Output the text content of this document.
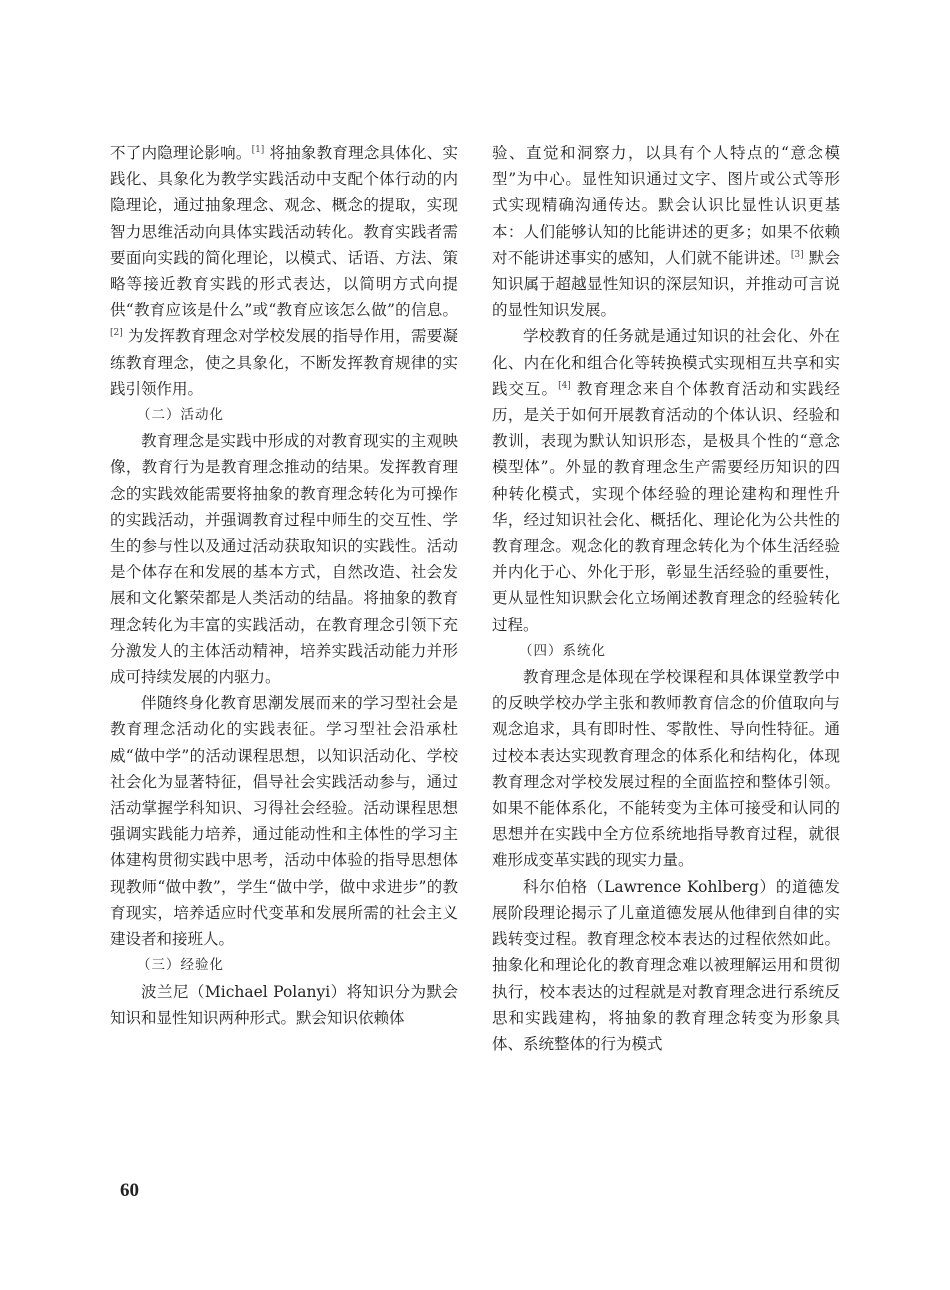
不了内隐理论影响。[1] 将抽象教育理念具体化、实践化、具象化为教学实践活动中支配个体行动的内隐理论，通过抽象理念、观念、概念的提取，实现智力思维活动向具体实践活动转化。教育实践者需要面向实践的简化理论，以模式、话语、方法、策略等接近教育实践的形式表达，以简明方式向提供“教育应该是什么”或“教育应该怎么做”的信息。[2] 为发挥教育理念对学校发展的指导作用，需要凝练教育理念，使之具象化，不断发挥教育规律的实践引领作用。

（二）活动化

教育理念是实践中形成的对教育现实的主观映像，教育行为是教育理念推动的结果。发挥教育理念的实践效能需要将抽象的教育理念转化为可操作的实践活动，并强调教育过程中师生的交互性、学生的参与性以及通过活动获取知识的实践性。活动是个体存在和发展的基本方式，自然改造、社会发展和文化繁荣都是人类活动的结晶。将抽象的教育理念转化为丰富的实践活动，在教育理念引领下充分激发人的主体活动精神，培养实践活动能力并形成可持续发展的内驱力。

伴随终身化教育思潮发展而来的学习型社会是教育理念活动化的实践表征。学习型社会沿承杜威“做中学”的活动课程思想，以知识活动化、学校社会化为显著特征，倡导社会实践活动参与，通过活动掌握学科知识、习得社会经验。活动课程思想强调实践能力培养，通过能动性和主体性的学习主体建构贯彻实践中思考，活动中体验的指导思想体现教师“做中教”，学生“做中学，做中求进步”的教育现实，培养适应时代变革和发展所需的社会主义建设者和接班人。

（三）经验化

波兰尼（Michael Polanyi）将知识分为默会知识和显性知识两种形式。默会知识依赖体

验、直觉和洞察力，以具有个人特点的“意念模型”为中心。显性知识通过文字、图片或公式等形式实现精确沟通传达。默会认识比显性认识更基本：人们能够认知的比能讲述的更多；如果不依赖对不能讲述事实的感知，人们就不能讲述。[3] 默会知识属于超越显性知识的深层知识，并推动可言说的显性知识发展。

学校教育的任务就是通过知识的社会化、外在化、内在化和组合化等转换模式实现相互共享和实践交互。[4] 教育理念来自个体教育活动和实践经历，是关于如何开展教育活动的个体认识、经验和教训，表现为默认知识形态，是极具个性的“意念模型体”。外显的教育理念生产需要经历知识的四种转化模式，实现个体经验的理论建构和理性升华，经过知识社会化、概括化、理论化为公共性的教育理念。观念化的教育理念转化为个体生活经验并内化于心、外化于形，彰显生活经验的重要性，更从显性知识默会化立场阐述教育理念的经验转化过程。

（四）系统化

教育理念是体现在学校课程和具体课堂教学中的反映学校办学主张和教师教育信念的价值取向与观念追求，具有即时性、零散性、导向性特征。通过校本表达实现教育理念的体系化和结构化，体现教育理念对学校发展过程的全面监控和整体引领。如果不能体系化，不能转变为主体可接受和认同的思想并在实践中全方位系统地指导教育过程，就很难形成变革实践的现实力量。

科尔伯格（Lawrence Kohlberg）的道德发展阶段理论揭示了儿童道德发展从他律到自律的实践转变过程。教育理念校本表达的过程依然如此。抽象化和理论化的教育理念难以被理解运用和贯彻执行，校本表达的过程就是对教育理念进行系统反思和实践建构，将抽象的教育理念转变为形象具体、系统整体的行为模式

60
